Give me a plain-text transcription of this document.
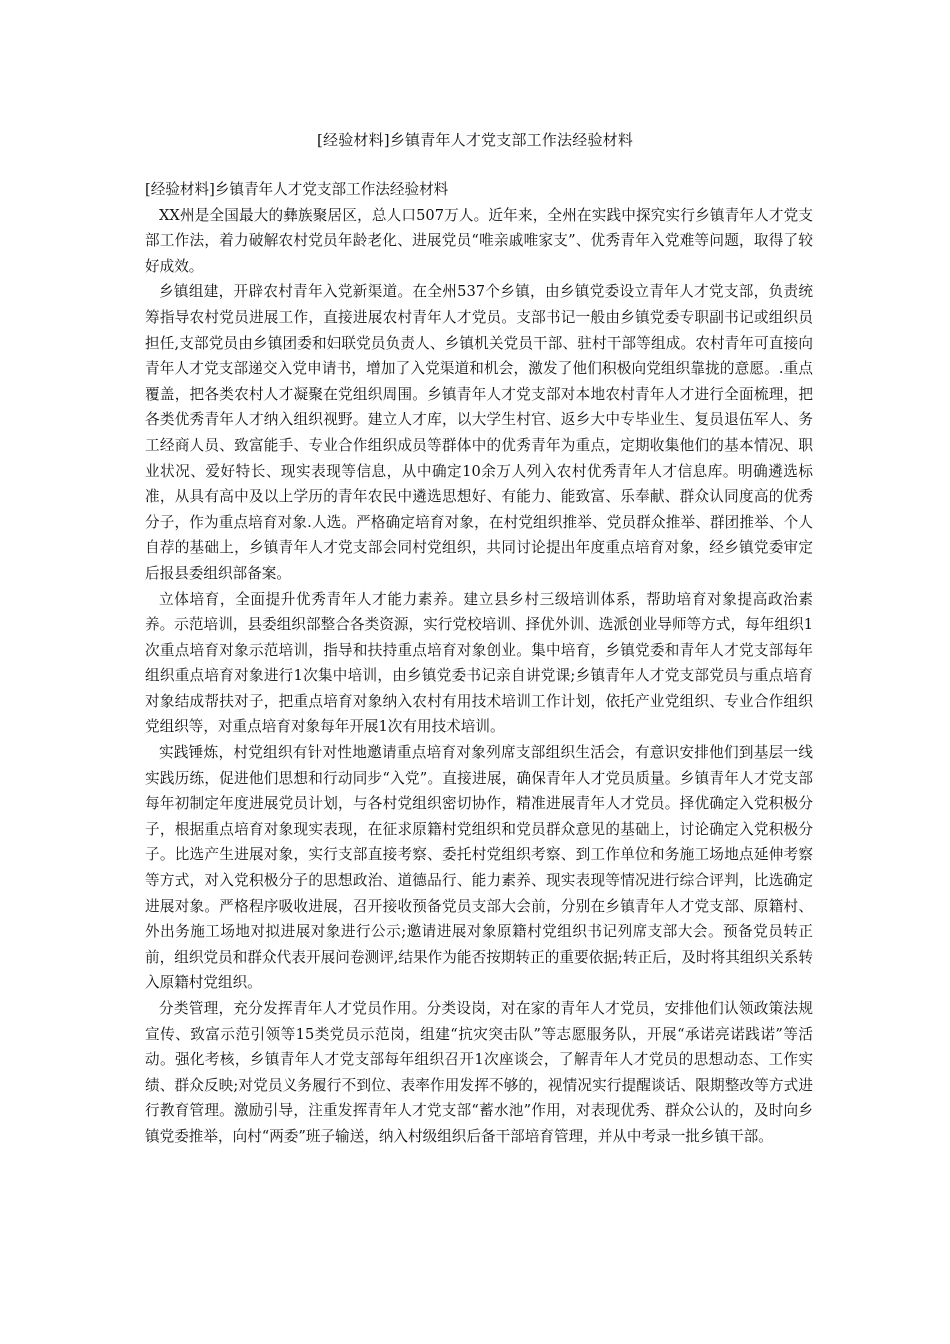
[经验材料]乡镇青年人才党支部工作法经验材料

[经验材料]乡镇青年人才党支部工作法经验材料

XX州是全国最大的彝族聚居区，总人口507万人。近年来，全州在实践中探究实行乡镇青年人才党支部工作法，着力破解农村党员年龄老化、进展党员“唯亲戚唯家支”、优秀青年入党难等问题，取得了较好成效。

乡镇组建，开辟农村青年入党新渠道。在全州537个乡镇，由乡镇党委设立青年人才党支部，负责统筹指导农村党员进展工作，直接进展农村青年人才党员。支部书记一般由乡镇党委专职副书记或组织员担任,支部党员由乡镇团委和妇联党员负责人、乡镇机关党员干部、驻村干部等组成。农村青年可直接向青年人才党支部递交入党申请书，增加了入党渠道和机会，激发了他们积极向党组织靠拢的意愿。.重点覆盖，把各类农村人才凝聚在党组织周围。乡镇青年人才党支部对本地农村青年人才进行全面梳理，把各类优秀青年人才纳入组织视野。建立人才库，以大学生村官、返乡大中专毕业生、复员退伍军人、务工经商人员、致富能手、专业合作组织成员等群体中的优秀青年为重点，定期收集他们的基本情况、职业状况、爱好特长、现实表现等信息，从中确定10余万人列入农村优秀青年人才信息库。明确遴选标准，从具有高中及以上学历的青年农民中遴选思想好、有能力、能致富、乐奉献、群众认同度高的优秀分子，作为重点培育对象.人选。严格确定培育对象，在村党组织推举、党员群众推举、群团推举、个人自荐的基础上，乡镇青年人才党支部会同村党组织，共同讨论提出年度重点培育对象，经乡镇党委审定后报县委组织部备案。

立体培育，全面提升优秀青年人才能力素养。建立县乡村三级培训体系，帮助培育对象提高政治素养。示范培训，县委组织部整合各类资源，实行党校培训、择优外训、选派创业导师等方式，每年组织1次重点培育对象示范培训，指导和扶持重点培育对象创业。集中培育，乡镇党委和青年人才党支部每年组织重点培育对象进行1次集中培训，由乡镇党委书记亲自讲党课;乡镇青年人才党支部党员与重点培育对象结成帮扶对子，把重点培育对象纳入农村有用技术培训工作计划，依托产业党组织、专业合作组织党组织等，对重点培育对象每年开展1次有用技术培训。

实践锤炼，村党组织有针对性地邀请重点培育对象列席支部组织生活会，有意识安排他们到基层一线实践历练，促进他们思想和行动同步“入党”。直接进展，确保青年人才党员质量。乡镇青年人才党支部每年初制定年度进展党员计划，与各村党组织密切协作，精准进展青年人才党员。择优确定入党积极分子，根据重点培育对象现实表现，在征求原籍村党组织和党员群众意见的基础上，讨论确定入党积极分子。比选产生进展对象，实行支部直接考察、委托村党组织考察、到工作单位和务施工场地点延伸考察等方式，对入党积极分子的思想政治、道德品行、能力素养、现实表现等情况进行综合评判，比选确定进展对象。严格程序吸收进展，召开接收预备党员支部大会前，分别在乡镇青年人才党支部、原籍村、外出务施工场地对拟进展对象进行公示;邀请进展对象原籍村党组织书记列席支部大会。预备党员转正前，组织党员和群众代表开展问卷测评,结果作为能否按期转正的重要依据;转正后，及时将其组织关系转入原籍村党组织。

分类管理，充分发挥青年人才党员作用。分类设岗，对在家的青年人才党员，安排他们认领政策法规宣传、致富示范引领等15类党员示范岗，组建“抗灾突击队”等志愿服务队，开展“承诺亮诺践诺”等活动。强化考核，乡镇青年人才党支部每年组织召开1次座谈会，了解青年人才党员的思想动态、工作实绩、群众反映;对党员义务履行不到位、表率作用发挥不够的，视情况实行提醒谈话、限期整改等方式进行教育管理。激励引导，注重发挥青年人才党支部“蓄水池”作用，对表现优秀、群众公认的，及时向乡镇党委推举，向村“两委”班子输送，纳入村级组织后备干部培育管理，并从中考录一批乡镇干部。
